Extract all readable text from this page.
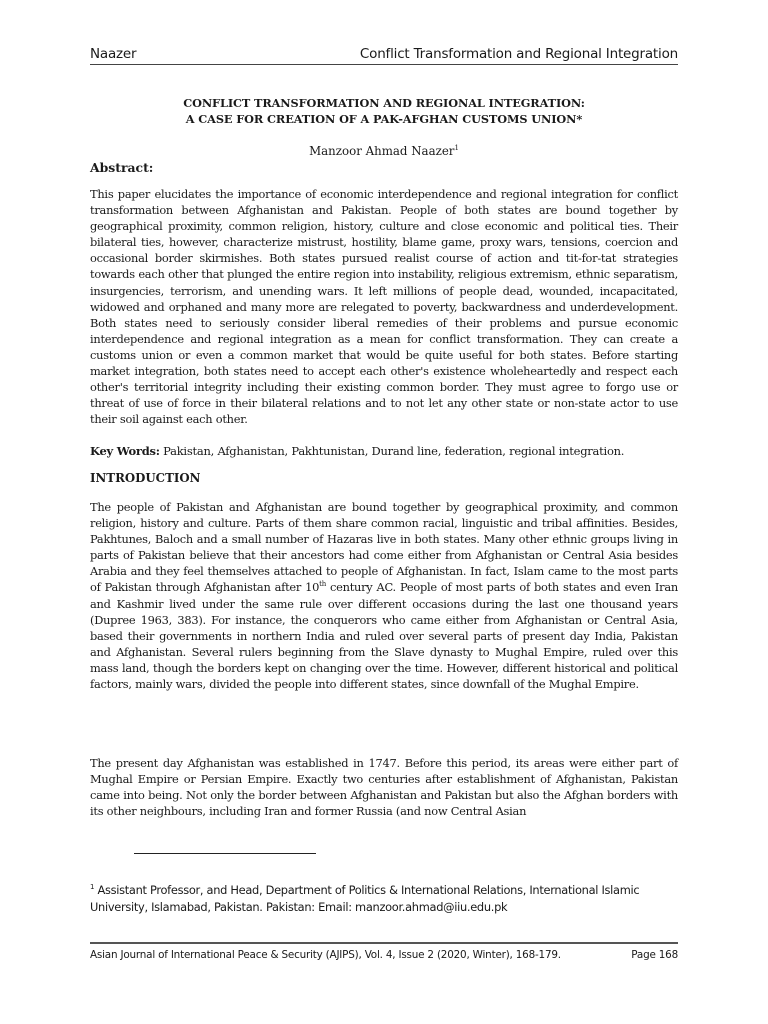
Naazer	Conflict Transformation and Regional Integration
CONFLICT TRANSFORMATION AND REGIONAL INTEGRATION:
A CASE FOR CREATION OF A PAK-AFGHAN CUSTOMS UNION*
Manzoor Ahmad Naazer$^1$
Abstract:

This paper elucidates the importance of economic interdependence and regional integration for conflict transformation between Afghanistan and Pakistan. People of both states are bound together by geographical proximity, common religion, history, culture and close economic and political ties. Their bilateral ties, however, characterize mistrust, hostility, blame game, proxy wars, tensions, coercion and occasional border skirmishes. Both states pursued realist course of action and tit-for-tat strategies towards each other that plunged the entire region into instability, religious extremism, ethnic separatism, insurgencies, terrorism, and unending wars. It left millions of people dead, wounded, incapacitated, widowed and orphaned and many more are relegated to poverty, backwardness and underdevelopment. Both states need to seriously consider liberal remedies of their problems and pursue economic interdependence and regional integration as a mean for conflict transformation. They can create a customs union or even a common market that would be quite useful for both states. Before starting market integration, both states need to accept each other's existence wholeheartedly and respect each other's territorial integrity including their existing common border. They must agree to forgo use or threat of use of force in their bilateral relations and to not let any other state or non-state actor to use their soil against each other.

Key Words: Pakistan, Afghanistan, Pakhtunistan, Durand line, federation, regional integration.

INTRODUCTION

The people of Pakistan and Afghanistan are bound together by geographical proximity, and common religion, history and culture. Parts of them share common racial, linguistic and tribal affinities. Besides, Pakhtunes, Baloch and a small number of Hazaras live in both states. Many other ethnic groups living in parts of Pakistan believe that their ancestors had come either from Afghanistan or Central Asia besides Arabia and they feel themselves attached to people of Afghanistan. In fact, Islam came to the most parts of Pakistan through Afghanistan after 10th century AC. People of most parts of both states and even Iran and Kashmir lived under the same rule over different occasions during the last one thousand years (Dupree 1963, 383). For instance, the conquerors who came either from Afghanistan or Central Asia, based their governments in northern India and ruled over several parts of present day India, Pakistan and Afghanistan. Several rulers beginning from the Slave dynasty to Mughal Empire, ruled over this mass land, though the borders kept on changing over the time. However, different historical and political factors, mainly wars, divided the people into different states, since downfall of the Mughal Empire.

The present day Afghanistan was established in 1747. Before this period, its areas were either part of Mughal Empire or Persian Empire. Exactly two centuries after establishment of Afghanistan, Pakistan came into being. Not only the border between Afghanistan and Pakistan but also the Afghan borders with its other neighbours, including Iran and former Russia (and now Central Asian

$^1$ Assistant Professor, and Head, Department of Politics & International Relations, International Islamic University, Islamabad, Pakistan. Pakistan: Email: manzoor.ahmad@iiu.edu.pk
Asian Journal of International Peace & Security (AJIPS), Vol. 4, Issue 2 (2020, Winter), 168-179.	Page 168
